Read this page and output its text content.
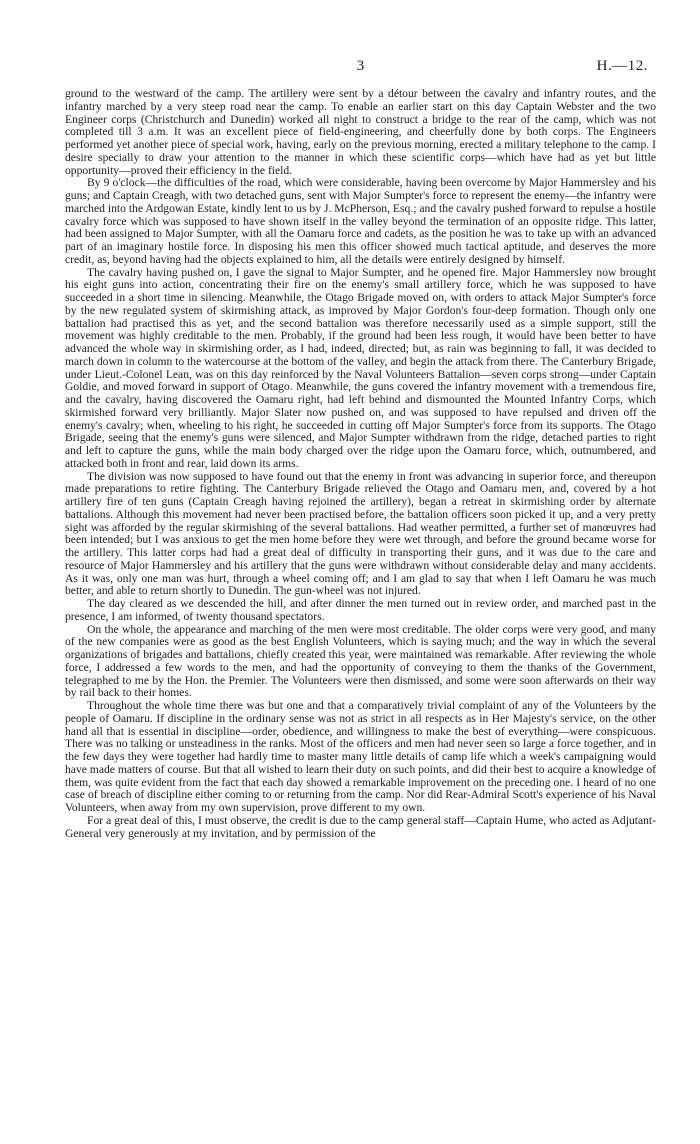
3	H.—12.

ground to the westward of the camp. The artillery were sent by a détour between the cavalry and infantry routes, and the infantry marched by a very steep road near the camp. To enable an earlier start on this day Captain Webster and the two Engineer corps (Christchurch and Dunedin) worked all night to construct a bridge to the rear of the camp, which was not completed till 3 a.m. It was an excellent piece of field-engineering, and cheerfully done by both corps. The Engineers performed yet another piece of special work, having, early on the previous morning, erected a military telephone to the camp. I desire specially to draw your attention to the manner in which these scientific corps—which have had as yet but little opportunity—proved their efficiency in the field.

By 9 o'clock—the difficulties of the road, which were considerable, having been overcome by Major Hammersley and his guns; and Captain Creagh, with two detached guns, sent with Major Sumpter's force to represent the enemy—the infantry were marched into the Ardgowan Estate, kindly lent to us by J. McPherson, Esq.; and the cavalry pushed forward to repulse a hostile cavalry force which was supposed to have shown itself in the valley beyond the termination of an opposite ridge. This latter, had been assigned to Major Sumpter, with all the Oamaru force and cadets, as the position he was to take up with an advanced part of an imaginary hostile force. In disposing his men this officer showed much tactical aptitude, and deserves the more credit, as, beyond having had the objects explained to him, all the details were entirely designed by himself.

The cavalry having pushed on, I gave the signal to Major Sumpter, and he opened fire. Major Hammersley now brought his eight guns into action, concentrating their fire on the enemy's small artillery force, which he was supposed to have succeeded in a short time in silencing. Meanwhile, the Otago Brigade moved on, with orders to attack Major Sumpter's force by the new regulated system of skirmishing attack, as improved by Major Gordon's four-deep formation. Though only one battalion had practised this as yet, and the second battalion was therefore necessarily used as a simple support, still the movement was highly creditable to the men. Probably, if the ground had been less rough, it would have been better to have advanced the whole way in skirmishing order, as I had, indeed, directed; but, as rain was beginning to fall, it was decided to march down in column to the watercourse at the bottom of the valley, and begin the attack from there. The Canterbury Brigade, under Lieut.-Colonel Lean, was on this day reinforced by the Naval Volunteers Battalion—seven corps strong—under Captain Goldie, and moved forward in support of Otago. Meanwhile, the guns covered the infantry movement with a tremendous fire, and the cavalry, having discovered the Oamaru right, had left behind and dismounted the Mounted Infantry Corps, which skirmished forward very brilliantly. Major Slater now pushed on, and was supposed to have repulsed and driven off the enemy's cavalry; when, wheeling to his right, he succeeded in cutting off Major Sumpter's force from its supports. The Otago Brigade, seeing that the enemy's guns were silenced, and Major Sumpter withdrawn from the ridge, detached parties to right and left to capture the guns, while the main body charged over the ridge upon the Oamaru force, which, outnumbered, and attacked both in front and rear, laid down its arms.

The division was now supposed to have found out that the enemy in front was advancing in superior force, and thereupon made preparations to retire fighting. The Canterbury Brigade relieved the Otago and Oamaru men, and, covered by a hot artillery fire of ten guns (Captain Creagh having rejoined the artillery), began a retreat in skirmishing order by alternate battalions. Although this movement had never been practised before, the battalion officers soon picked it up, and a very pretty sight was afforded by the regular skirmishing of the several battalions. Had weather permitted, a further set of manœuvres had been intended; but I was anxious to get the men home before they were wet through, and before the ground became worse for the artillery. This latter corps had had a great deal of difficulty in transporting their guns, and it was due to the care and resource of Major Hammersley and his artillery that the guns were withdrawn without considerable delay and many accidents. As it was, only one man was hurt, through a wheel coming off; and I am glad to say that when I left Oamaru he was much better, and able to return shortly to Dunedin. The gun-wheel was not injured.

The day cleared as we descended the hill, and after dinner the men turned out in review order, and marched past in the presence, I am informed, of twenty thousand spectators.

On the whole, the appearance and marching of the men were most creditable. The older corps were very good, and many of the new companies were as good as the best English Volunteers, which is saying much; and the way in which the several organizations of brigades and battalions, chiefly created this year, were maintained was remarkable. After reviewing the whole force, I addressed a few words to the men, and had the opportunity of conveying to them the thanks of the Government, telegraphed to me by the Hon. the Premier. The Volunteers were then dismissed, and some were soon afterwards on their way by rail back to their homes.

Throughout the whole time there was but one and that a comparatively trivial complaint of any of the Volunteers by the people of Oamaru. If discipline in the ordinary sense was not as strict in all respects as in Her Majesty's service, on the other hand all that is essential in discipline—order, obedience, and willingness to make the best of everything—were conspicuous. There was no talking or unsteadiness in the ranks. Most of the officers and men had never seen so large a force together, and in the few days they were together had hardly time to master many little details of camp life which a week's campaigning would have made matters of course. But that all wished to learn their duty on such points, and did their best to acquire a knowledge of them, was quite evident from the fact that each day showed a remarkable improvement on the preceding one. I heard of no one case of breach of discipline either coming to or returning from the camp. Nor did Rear-Admiral Scott's experience of his Naval Volunteers, when away from my own supervision, prove different to my own.

For a great deal of this, I must observe, the credit is due to the camp general staff—Captain Hume, who acted as Adjutant-General very generously at my invitation, and by permission of the
